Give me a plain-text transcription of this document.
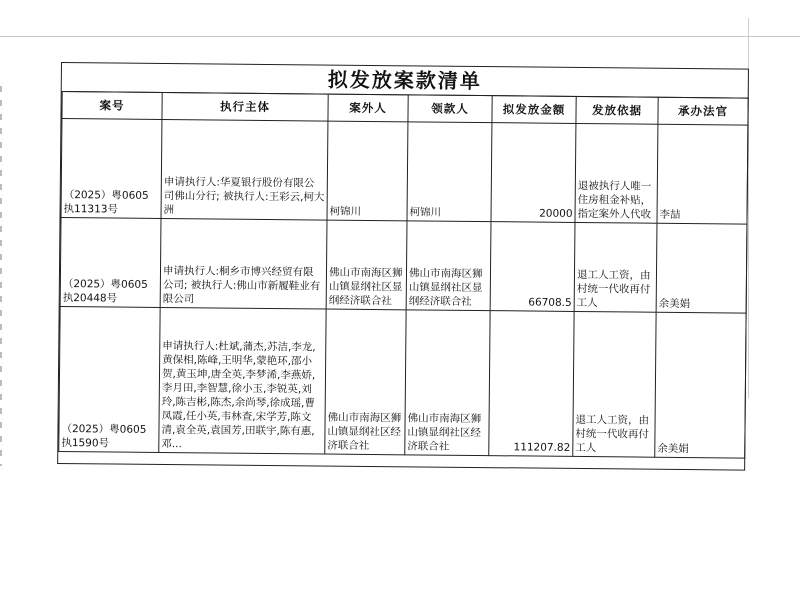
拟发放案款清单
案号	执行主体	案外人	领款人	拟发放金额	发放依据	承办法官
（2025）粤0605执11313号	申请执行人:华夏银行股份有限公司佛山分行; 被执行人:王彩云,柯大洲	柯锦川	柯锦川	20000	退被执行人唯一住房租金补贴，指定案外人代收	李喆
（2025）粤0605执20448号	申请执行人:桐乡市博兴经贸有限公司; 被执行人:佛山市新履鞋业有限公司	佛山市南海区狮山镇显纲社区显纲经济联合社	佛山市南海区狮山镇显纲社区显纲经济联合社	66708.5	退工人工资，由村统一代收再付工人	余美娟
（2025）粤0605执1590号	申请执行人:杜斌,蒲杰,苏洁,李龙,黄保相,陈峰,王明华,蒙艳环,邵小贺,黄玉坤,唐全英,李梦浠,李燕娇,李月田,李智慧,徐小玉,李锐英,刘玲,陈吉彬,陈杰,余尚琴,徐成瑶,曹凤霞,任小英,韦林查,宋学芳,陈文清,袁全英,袁国芳,田联宇,陈有惠,邓...	佛山市南海区狮山镇显纲社区经济联合社	佛山市南海区狮山镇显纲社区经济联合社	111207.82	退工人工资，由村统一代收再付工人	余美娟
